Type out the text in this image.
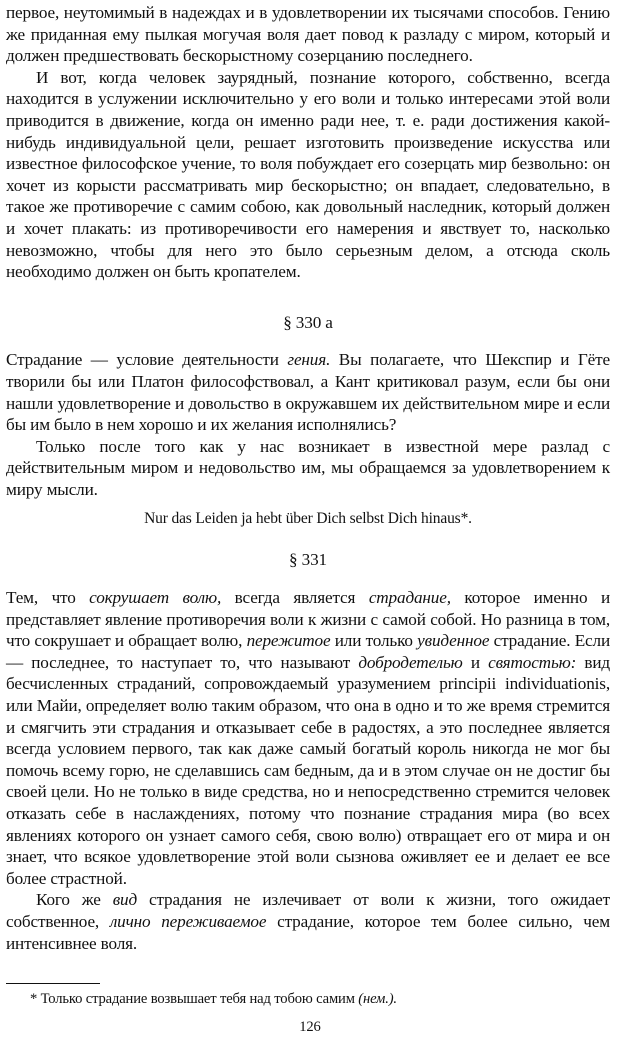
первое, неутомимый в надеждах и в удовлетворении их тысячами способов. Гению же приданная ему пылкая могучая воля дает повод к разладу с миром, который и должен предшествовать бескорыстному созерцанию последнего.

И вот, когда человек заурядный, познание которого, собственно, всегда находится в услужении исключительно у его воли и только интересами этой воли приводится в движение, когда он именно ради нее, т. е. ради достижения какой-нибудь индивидуальной цели, решает изготовить произведение искусства или известное философское учение, то воля побуждает его созерцать мир безвольно: он хочет из корысти рассматривать мир бескорыстно; он впадает, следовательно, в такое же противоречие с самим собою, как довольный наследник, который должен и хочет плакать: из противоречивости его намерения и явствует то, насколько невозможно, чтобы для него это было серьезным делом, а отсюда сколь необходимо должен он быть кропателем.

§ 330 a

Страдание — условие деятельности гения. Вы полагаете, что Шекспир и Гёте творили бы или Платон философствовал, а Кант критиковал разум, если бы они нашли удовлетворение и довольство в окружавшем их действительном мире и если бы им было в нем хорошо и их желания исполнялись?

Только после того как у нас возникает в известной мере разлад с действительным миром и недовольство им, мы обращаемся за удовлетворением к миру мысли.

Nur das Leiden ja hebt über Dich selbst Dich hinaus*.
§ 331

Тем, что сокрушает волю, всегда является страдание, которое именно и представляет явление противоречия воли к жизни с самой собой. Но разница в том, что сокрушает и обращает волю, пережитое или только увиденное страдание. Если — последнее, то наступает то, что называют добродетелью и святостью: вид бесчисленных страданий, сопровождаемый уразумением principii individuationis, или Майи, определяет волю таким образом, что она в одно и то же время стремится и смягчить эти страдания и отказывает себе в радостях, а это последнее является всегда условием первого, так как даже самый богатый король никогда не мог бы помочь всему горю, не сделавшись сам бедным, да и в этом случае он не достиг бы своей цели. Но не только в виде средства, но и непосредственно стремится человек отказать себе в наслаждениях, потому что познание страдания мира (во всех явлениях которого он узнает самого себя, свою волю) отвращает его от мира и он знает, что всякое удовлетворение этой воли сызнова оживляет ее и делает ее все более страстной.

Кого же вид страдания не излечивает от воли к жизни, того ожидает собственное, лично переживаемое страдание, которое тем более сильно, чем интенсивнее воля.

* Только страдание возвышает тебя над тобою самим (нем.).
126
